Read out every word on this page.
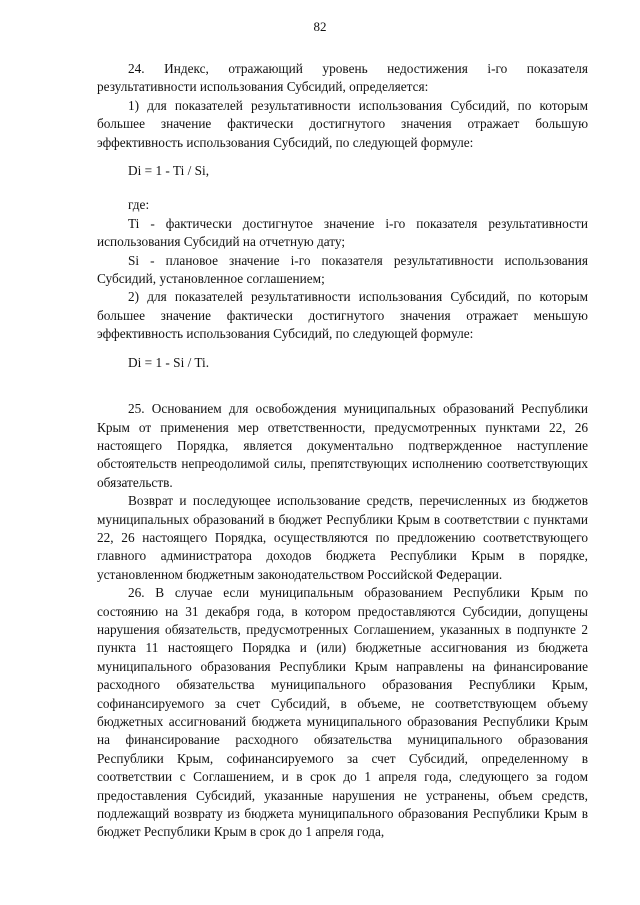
82

24. Индекс, отражающий уровень недостижения i-го показателя результативности использования Субсидий, определяется:

1) для показателей результативности использования Субсидий, по которым большее значение фактически достигнутого значения отражает большую эффективность использования Субсидий, по следующей формуле:

Di = 1 - Ti / Si,

где:

Ti - фактически достигнутое значение i-го показателя результативности использования Субсидий на отчетную дату;

Si - плановое значение i-го показателя результативности использования Субсидий, установленное соглашением;

2) для показателей результативности использования Субсидий, по которым большее значение фактически достигнутого значения отражает меньшую эффективность использования Субсидий, по следующей формуле:

Di = 1 - Si / Ti.

25. Основанием для освобождения муниципальных образований Республики Крым от применения мер ответственности, предусмотренных пунктами 22, 26 настоящего Порядка, является документально подтвержденное наступление обстоятельств непреодолимой силы, препятствующих исполнению соответствующих обязательств.

Возврат и последующее использование средств, перечисленных из бюджетов муниципальных образований в бюджет Республики Крым в соответствии с пунктами 22, 26 настоящего Порядка, осуществляются по предложению соответствующего главного администратора доходов бюджета Республики Крым в порядке, установленном бюджетным законодательством Российской Федерации.

26. В случае если муниципальным образованием Республики Крым по состоянию на 31 декабря года, в котором предоставляются Субсидии, допущены нарушения обязательств, предусмотренных Соглашением, указанных в подпункте 2 пункта 11 настоящего Порядка и (или) бюджетные ассигнования из бюджета муниципального образования Республики Крым направлены на финансирование расходного обязательства муниципального образования Республики Крым, софинансируемого за счет Субсидий, в объеме, не соответствующем объему бюджетных ассигнований бюджета муниципального образования Республики Крым на финансирование расходного обязательства муниципального образования Республики Крым, софинансируемого за счет Субсидий, определенному в соответствии с Соглашением, и в срок до 1 апреля года, следующего за годом предоставления Субсидий, указанные нарушения не устранены, объем средств, подлежащий возврату из бюджета муниципального образования Республики Крым в бюджет Республики Крым в срок до 1 апреля года,
